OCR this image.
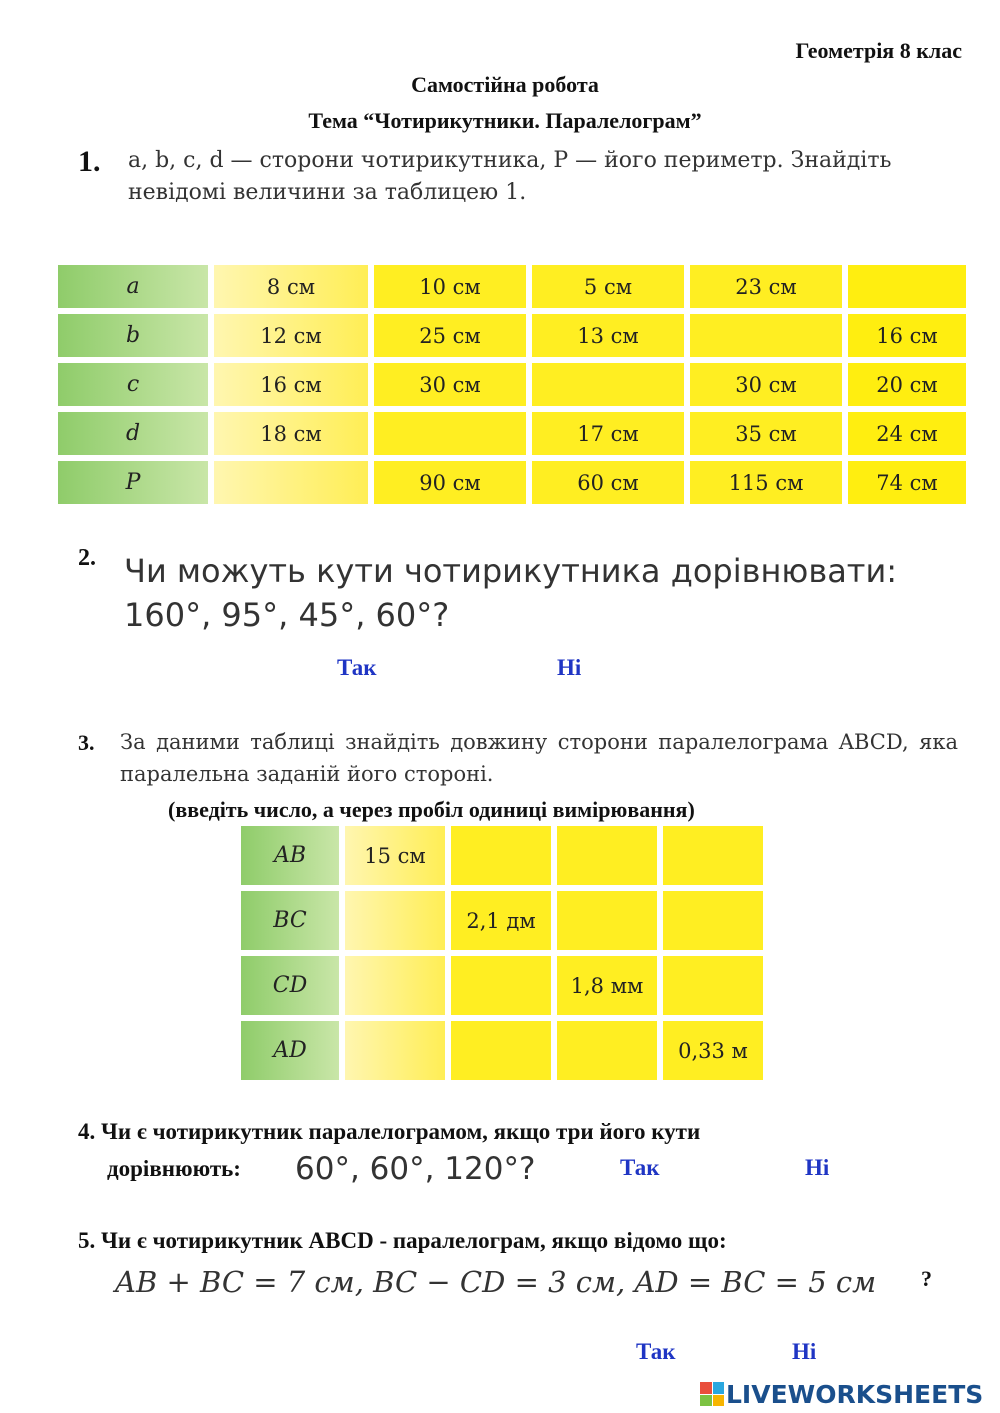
Геометрія 8 клас
Самостійна робота
Тема “Чотирикутники. Паралелограм”
1. a, b, c, d — сторони чотирикутника, P — його периметр. Знайдіть невідомі величини за таблицею 1.
a	8 см	10 см	5 см	23 см	
b	12 см	25 см	13 см		16 см
c	16 см	30 см		30 см	20 см
d	18 см		17 см	35 см	24 см
P		90 см	60 см	115 см	74 см
2. Чи можуть кути чотирикутника дорівнювати:
160°, 95°, 45°, 60°?
Так	Ні
3. За даними таблиці знайдіть довжину сторони паралелограма ABCD, яка паралельна заданій його стороні.
(введіть число, а через пробіл одиниці вимірювання)
AB	15 см			
BC		2,1 дм		
CD			1,8 мм	
AD				0,33 м
4. Чи є чотирикутник паралелограмом, якщо три його кути
дорівнюють: 60°, 60°, 120°?	Так	Ні
5. Чи є чотирикутник ABCD - паралелограм, якщо відомо що:
AB + BC = 7 см, BC − CD = 3 см, AD = BC = 5 см ?
Так	Ні
LIVEWORKSHEETS
